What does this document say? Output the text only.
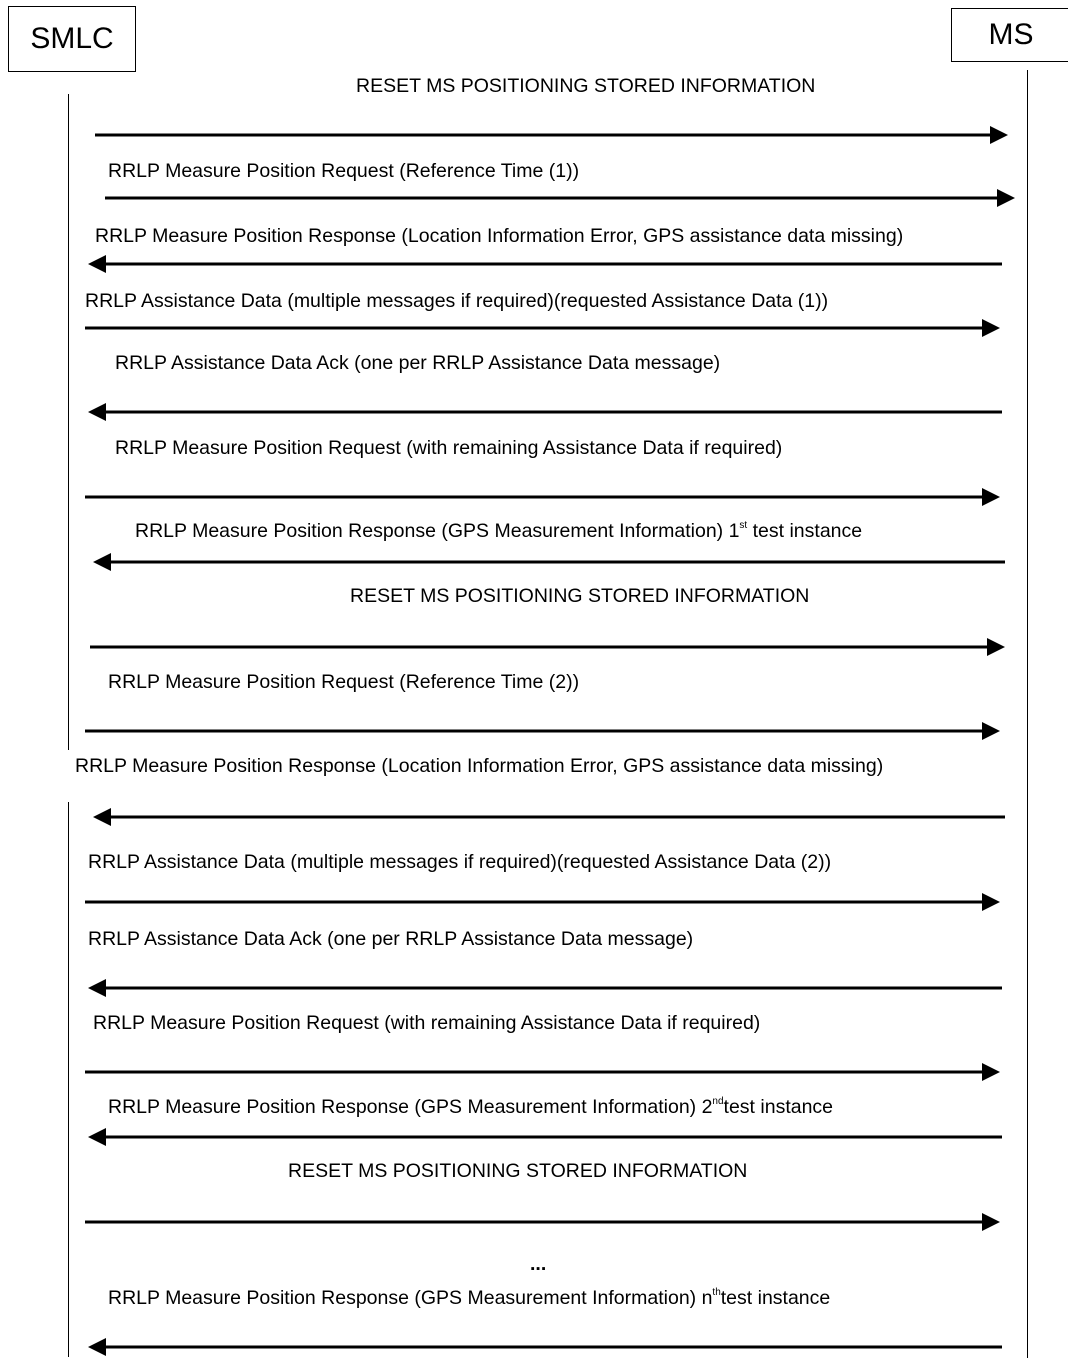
SMLC	MS
RESET MS POSITIONING STORED INFORMATION
RRLP Measure Position Request (Reference Time (1))
RRLP Measure Position Response (Location Information Error, GPS assistance data missing)
RRLP Assistance Data (multiple messages if required)(requested Assistance Data (1))
RRLP Assistance Data Ack (one per RRLP Assistance Data message)
RRLP Measure Position Request (with remaining Assistance Data if required)
RRLP Measure Position Response (GPS Measurement Information) 1st test instance
RESET MS POSITIONING STORED INFORMATION
RRLP Measure Position Request (Reference Time (2))
RRLP Measure Position Response (Location Information Error, GPS assistance data missing)
RRLP Assistance Data (multiple messages if required)(requested Assistance Data (2))
RRLP Assistance Data Ack (one per RRLP Assistance Data message)
RRLP Measure Position Request (with remaining Assistance Data if required)
RRLP Measure Position Response (GPS Measurement Information) 2ndtest instance
RESET MS POSITIONING STORED INFORMATION
RRLP Measure Position Response (GPS Measurement Information) $n^{th}test$ instance
...
